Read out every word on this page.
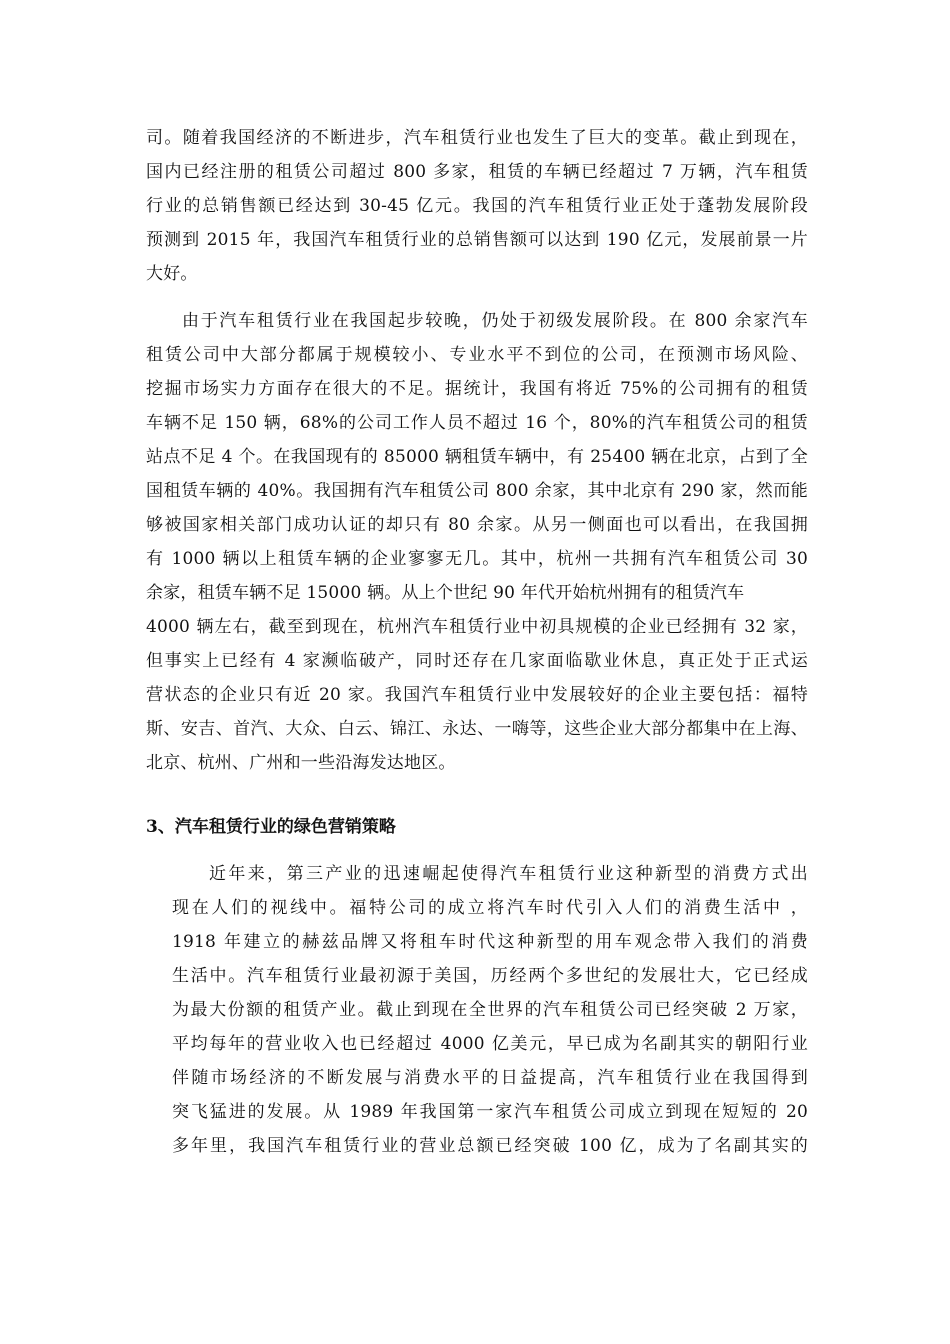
司。随着我国经济的不断进步，汽车租赁行业也发生了巨大的变革。截止到现在，
国内已经注册的租赁公司超过 800 多家，租赁的车辆已经超过 7 万辆，汽车租赁
行业的总销售额已经达到 30-45 亿元。我国的汽车租赁行业正处于蓬勃发展阶段
预测到 2015 年，我国汽车租赁行业的总销售额可以达到 190 亿元，发展前景一片
大好。
由于汽车租赁行业在我国起步较晚，仍处于初级发展阶段。在 800 余家汽车
租赁公司中大部分都属于规模较小、专业水平不到位的公司，在预测市场风险、
挖掘市场实力方面存在很大的不足。据统计，我国有将近 75%的公司拥有的租赁
车辆不足 150 辆，68%的公司工作人员不超过 16 个，80%的汽车租赁公司的租赁
站点不足 4 个。在我国现有的 85000 辆租赁车辆中，有 25400 辆在北京，占到了全
国租赁车辆的 40%。我国拥有汽车租赁公司 800 余家，其中北京有 290 家，然而能
够被国家相关部门成功认证的却只有 80 余家。从另一侧面也可以看出，在我国拥
有 1000 辆以上租赁车辆的企业寥寥无几。其中，杭州一共拥有汽车租赁公司 30
余家，租赁车辆不足 15000 辆。从上个世纪 90 年代开始杭州拥有的租赁汽车
4000 辆左右，截至到现在，杭州汽车租赁行业中初具规模的企业已经拥有 32 家，
但事实上已经有 4 家濒临破产，同时还存在几家面临歇业休息，真正处于正式运
营状态的企业只有近 20 家。我国汽车租赁行业中发展较好的企业主要包括：福特
斯、安吉、首汽、大众、白云、锦江、永达、一嗨等，这些企业大部分都集中在上海、
北京、杭州、广州和一些沿海发达地区。
3、汽车租赁行业的绿色营销策略
近年来，第三产业的迅速崛起使得汽车租赁行业这种新型的消费方式出
现在人们的视线中。福特公司的成立将汽车时代引入人们的消费生活中 ，
1918 年建立的赫兹品牌又将租车时代这种新型的用车观念带入我们的消费
生活中。汽车租赁行业最初源于美国，历经两个多世纪的发展壮大，它已经成
为最大份额的租赁产业。截止到现在全世界的汽车租赁公司已经突破 2 万家，
平均每年的营业收入也已经超过 4000 亿美元，早已成为名副其实的朝阳行业
伴随市场经济的不断发展与消费水平的日益提高，汽车租赁行业在我国得到
突飞猛进的发展。从 1989 年我国第一家汽车租赁公司成立到现在短短的 20
多年里，我国汽车租赁行业的营业总额已经突破 100 亿，成为了名副其实的
